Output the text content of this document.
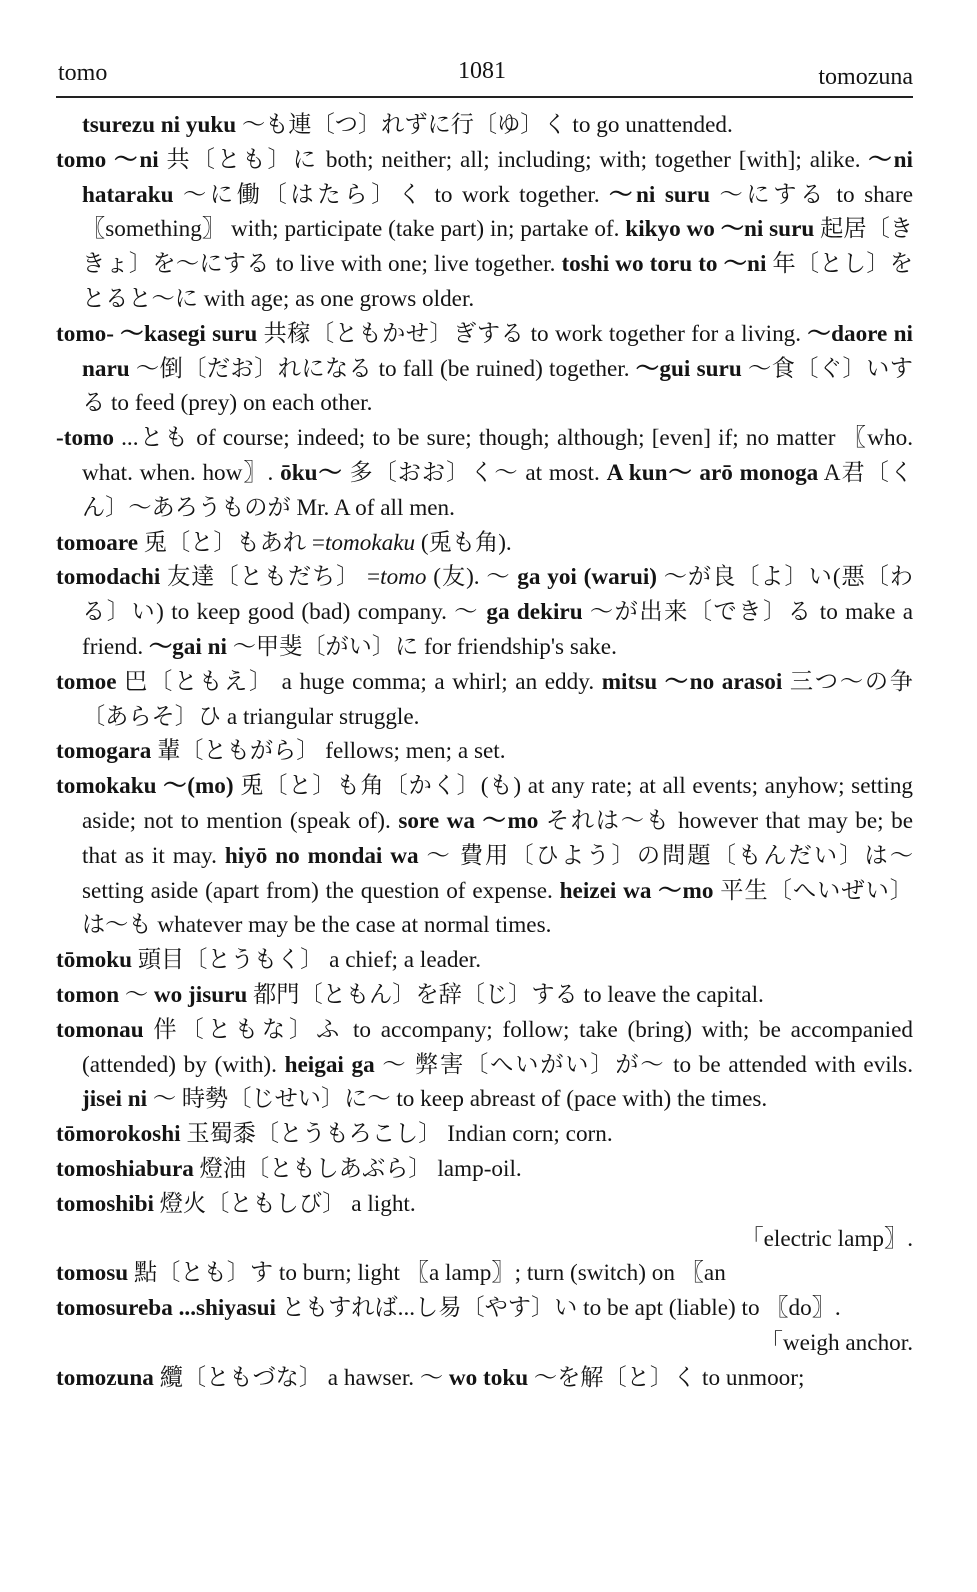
tomo	1081	tomozuna

tsurezu ni yuku ～も連〔つ〕れずに行〔ゆ〕く to go unattended.

tomo ～ni 共〔とも〕に both; neither; all; including; with; together [with]; alike. ～ni hataraku ～に働〔はたら〕く to work together. ～ni suru ～にする to share 〖something〗 with; participate (take part) in; partake of. kikyo wo ～ni suru 起居〔ききょ〕を～にする to live with one; live together. toshi wo toru to ～ni 年〔とし〕をとると～に with age; as one grows older.

tomo- ～kasegi suru 共稼〔ともかせ〕ぎする to work together for a living. ～daore ni naru ～倒〔だお〕れになる to fall (be ruined) together. ～gui suru ～食〔ぐ〕いする to feed (prey) on each other.

-tomo ...とも of course; indeed; to be sure; though; although; [even] if; no matter 〖who. what. when. how〗. ōku～ 多〔おお〕く～ at most. A kun～ arō monoga A君〔くん〕～あろうものが Mr. A of all men.

tomoare 兎〔と〕もあれ =tomokaku (兎も角).

tomodachi 友達〔ともだち〕 =tomo (友). ～ ga yoi (warui) ～が良〔よ〕い(悪〔わる〕い) to keep good (bad) company. ～ ga dekiru ～が出来〔でき〕る to make a friend. ～gai ni ～甲斐〔がい〕に for friendship's sake.

tomoe 巴〔ともえ〕 a huge comma; a whirl; an eddy. mitsu ～no arasoi 三つ～の争〔あらそ〕ひ a triangular struggle.

tomogara 輩〔ともがら〕 fellows; men; a set.

tomokaku ～(mo) 兎〔と〕も角〔かく〕(も) at any rate; at all events; anyhow; setting aside; not to mention (speak of). sore wa ～mo それは～も however that may be; be that as it may. hiyō no mondai wa ～ 費用〔ひよう〕の問題〔もんだい〕は～ setting aside (apart from) the question of expense. heizei wa ～mo 平生〔へいぜい〕は～も whatever may be the case at normal times.

tōmoku 頭目〔とうもく〕 a chief; a leader.

tomon ～ wo jisuru 都門〔ともん〕を辞〔じ〕する to leave the capital.

tomonau 伴〔ともな〕ふ to accompany; follow; take (bring) with; be accompanied (attended) by (with). heigai ga ～ 弊害〔へいがい〕が～ to be attended with evils. jisei ni ～ 時勢〔じせい〕に～ to keep abreast of (pace with) the times.

tōmorokoshi 玉蜀黍〔とうもろこし〕 Indian corn; corn.

tomoshiabura 燈油〔ともしあぶら〕 lamp-oil.

tomoshibi 燈火〔ともしび〕 a light.

「electric lamp〗.

tomosu 點〔とも〕す to burn; light 〖a lamp〗; turn (switch) on 〖an

tomosureba ...shiyasui ともすれば...し易〔やす〕い to be apt (liable) to 〖do〗.

「weigh anchor.

tomozuna 纜〔ともづな〕 a hawser. ～ wo toku ～を解〔と〕く to unmoor;
